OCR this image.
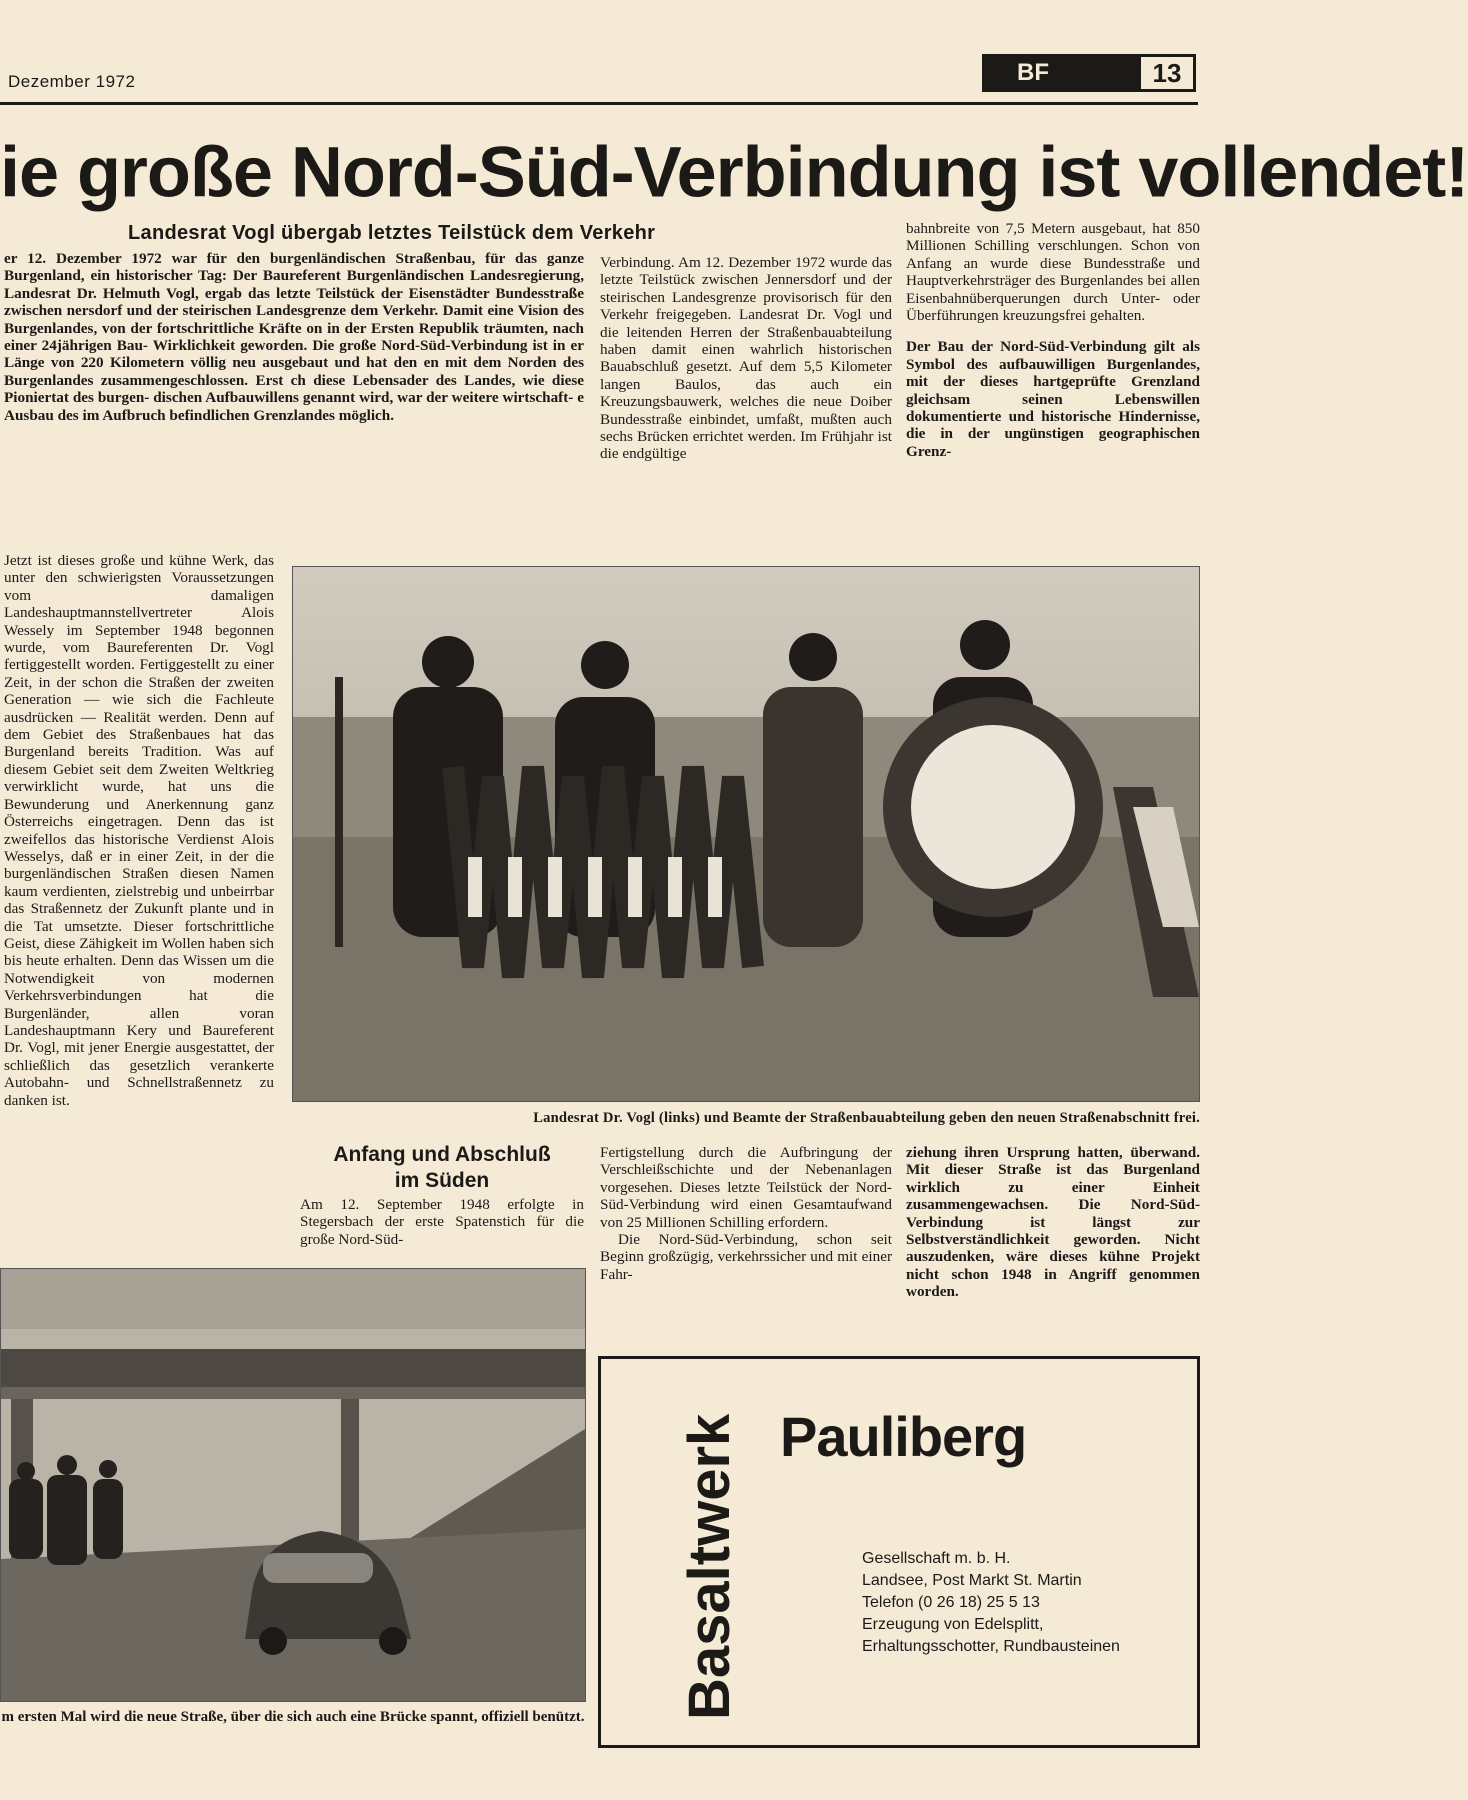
Dezember 1972	BF	13
ie große Nord-Süd-Verbindung ist vollendet!
Landesrat Vogl übergab letztes Teilstück dem Verkehr

er 12. Dezember 1972 war für den burgenländischen Straßenbau, für das ganze Burgenland, ein historischer Tag: Der Baureferent Burgenländischen Landesregierung, Landesrat Dr. Helmuth Vogl, ergab das letzte Teilstück der Eisenstädter Bundesstraße zwischen nersdorf und der steirischen Landesgrenze dem Verkehr. Damit eine Vision des Burgenlandes, von der fortschrittliche Kräfte on in der Ersten Republik träumten, nach einer 24jährigen Bau- Wirklichkeit geworden. Die große Nord-Süd-Verbindung ist in er Länge von 220 Kilometern völlig neu ausgebaut und hat den en mit dem Norden des Burgenlandes zusammengeschlossen. Erst ch diese Lebensader des Landes, wie diese Pioniertat des burgen- dischen Aufbauwillens genannt wird, war der weitere wirtschaft- e Ausbau des im Aufbruch befindlichen Grenzlandes möglich.

Verbindung. Am 12. Dezember 1972 wurde das letzte Teilstück zwischen Jennersdorf und der steirischen Landesgrenze provisorisch für den Verkehr freigegeben. Landesrat Dr. Vogl und die leitenden Herren der Straßenbauabteilung haben damit einen wahrlich historischen Bauabschluß gesetzt. Auf dem 5,5 Kilometer langen Baulos, das auch ein Kreuzungsbauwerk, welches die neue Doiber Bundesstraße einbindet, umfaßt, mußten auch sechs Brücken errichtet werden. Im Frühjahr ist die endgültige

bahnbreite von 7,5 Metern ausgebaut, hat 850 Millionen Schilling verschlungen. Schon von Anfang an wurde diese Bundesstraße und Hauptverkehrsträger des Burgenlandes bei allen Eisenbahnüberquerungen durch Unter- oder Überführungen kreuzungsfrei gehalten.

Der Bau der Nord-Süd-Verbindung gilt als Symbol des aufbauwilligen Burgenlandes, mit der dieses hartgeprüfte Grenzland gleichsam seinen Lebenswillen dokumentierte und historische Hindernisse, die in der ungünstigen geographischen Grenz-

Jetzt ist dieses große und kühne Werk, das unter den schwierigsten Voraussetzungen vom damaligen Landeshauptmannstellvertreter Alois Wessely im September 1948 begonnen wurde, vom Baureferenten Dr. Vogl fertiggestellt worden. Fertiggestellt zu einer Zeit, in der schon die Straßen der zweiten Generation — wie sich die Fachleute ausdrücken — Realität werden. Denn auf dem Gebiet des Straßenbaues hat das Burgenland bereits Tradition. Was auf diesem Gebiet seit dem Zweiten Weltkrieg verwirklicht wurde, hat uns die Bewunderung und Anerkennung ganz Österreichs eingetragen. Denn das ist zweifellos das historische Verdienst Alois Wesselys, daß er in einer Zeit, in der die burgenländischen Straßen diesen Namen kaum verdienten, zielstrebig und unbeirrbar das Straßennetz der Zukunft plante und in die Tat umsetzte. Dieser fortschrittliche Geist, diese Zähigkeit im Wollen haben sich bis heute erhalten. Denn das Wissen um die Notwendigkeit von modernen Verkehrsverbindungen hat die Burgenländer, allen voran Landeshauptmann Kery und Baureferent Dr. Vogl, mit jener Energie ausgestattet, der schließlich das gesetzlich verankerte Autobahn- und Schnellstraßennetz zu danken ist.

Landesrat Dr. Vogl (links) und Beamte der Straßenbauabteilung geben den neuen Straßenabschnitt frei.
Anfang und Abschluß
im Süden

Am 12. September 1948 erfolgte in Stegersbach der erste Spatenstich für die große Nord-Süd-

Fertigstellung durch die Aufbringung der Verschleißschichte und der Nebenanlagen vorgesehen. Dieses letzte Teilstück der Nord-Süd-Verbindung wird einen Gesamtaufwand von 25 Millionen Schilling erfordern.

Die Nord-Süd-Verbindung, schon seit Beginn großzügig, verkehrssicher und mit einer Fahr-

ziehung ihren Ursprung hatten, überwand. Mit dieser Straße ist das Burgenland wirklich zu einer Einheit zusammengewachsen. Die Nord-Süd-Verbindung ist längst zur Selbstverständlichkeit geworden. Nicht auszudenken, wäre dieses kühne Projekt nicht schon 1948 in Angriff genommen worden.

m ersten Mal wird die neue Straße, über die sich auch eine Brücke spannt, offiziell benützt. Basaltwerk Pauliberg
Gesellschaft m. b. H.
Landsee, Post Markt St. Martin
Telefon (0 26 18) 25 5 13
Erzeugung von Edelsplitt,
Erhaltungsschotter, Rundbausteinen
